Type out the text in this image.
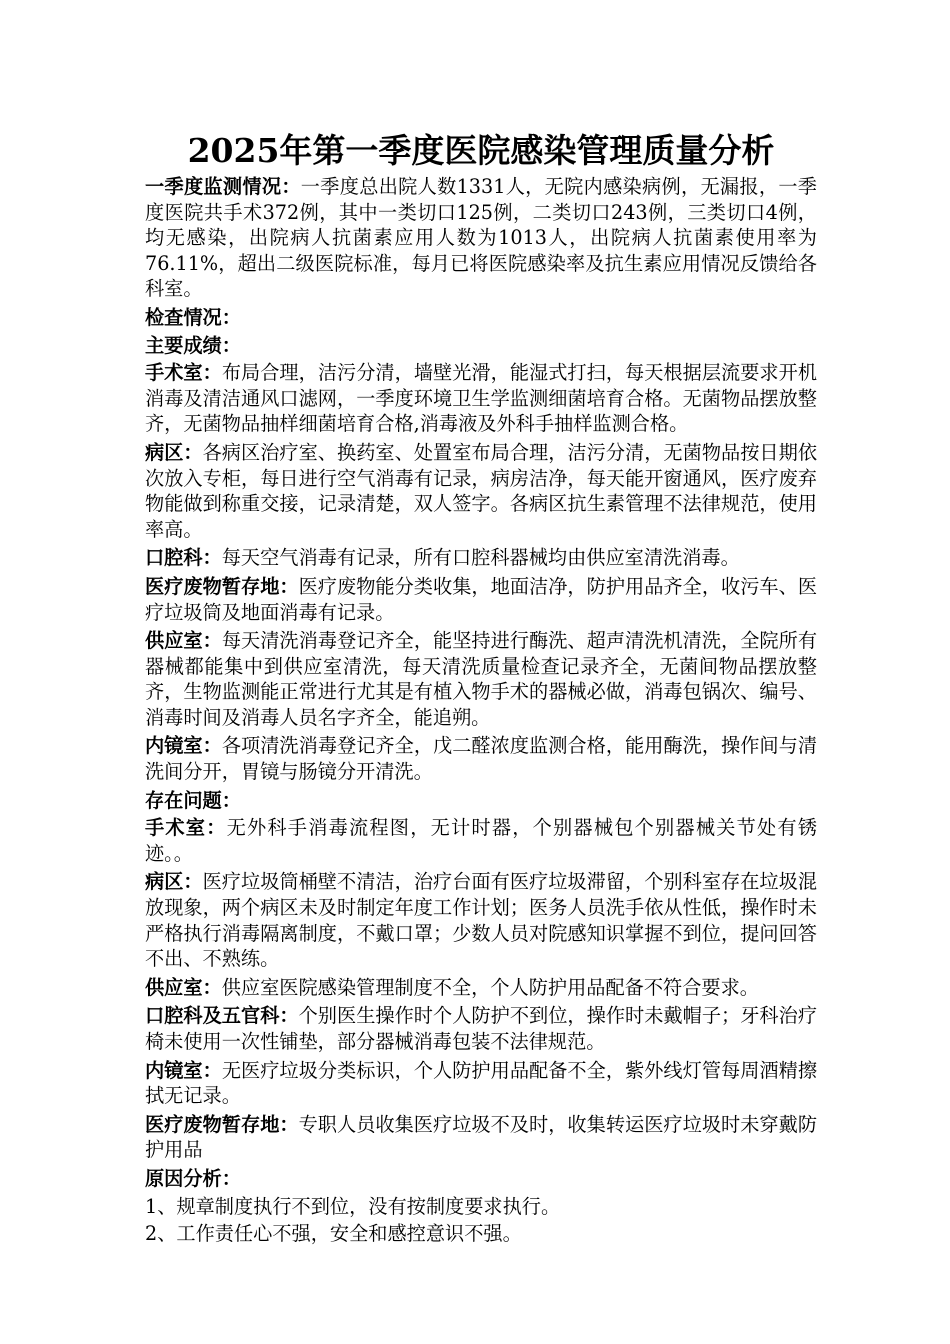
2025年第一季度医院感染管理质量分析

一季度监测情况：一季度总出院人数1331人，无院内感染病例，无漏报，一季度医院共手术372例，其中一类切口125例，二类切口243例，三类切口4例，均无感染，出院病人抗菌素应用人数为1013人，出院病人抗菌素使用率为76.11%，超出二级医院标准，每月已将医院感染率及抗生素应用情况反馈给各科室。

检查情况：

主要成绩：

手术室：布局合理，洁污分清，墙壁光滑，能湿式打扫，每天根据层流要求开机消毒及清洁通风口滤网，一季度环境卫生学监测细菌培育合格。无菌物品摆放整齐，无菌物品抽样细菌培育合格,消毒液及外科手抽样监测合格。

病区：各病区治疗室、换药室、处置室布局合理，洁污分清，无菌物品按日期依次放入专柜，每日进行空气消毒有记录，病房洁净，每天能开窗通风，医疗废弃物能做到称重交接，记录清楚，双人签字。各病区抗生素管理不法律规范，使用率高。

口腔科：每天空气消毒有记录，所有口腔科器械均由供应室清洗消毒。

医疗废物暂存地：医疗废物能分类收集，地面洁净，防护用品齐全，收污车、医疗垃圾筒及地面消毒有记录。

供应室：每天清洗消毒登记齐全，能坚持进行酶洗、超声清洗机清洗，全院所有器械都能集中到供应室清洗，每天清洗质量检查记录齐全，无菌间物品摆放整齐，生物监测能正常进行尤其是有植入物手术的器械必做，消毒包锅次、编号、消毒时间及消毒人员名字齐全，能追朔。

内镜室：各项清洗消毒登记齐全，戊二醛浓度监测合格，能用酶洗，操作间与清洗间分开，胃镜与肠镜分开清洗。

存在问题：

手术室：无外科手消毒流程图，无计时器，个别器械包个别器械关节处有锈迹。。

病区：医疗垃圾筒桶壁不清洁，治疗台面有医疗垃圾滞留，个别科室存在垃圾混放现象，两个病区未及时制定年度工作计划；医务人员洗手依从性低，操作时未严格执行消毒隔离制度，不戴口罩；少数人员对院感知识掌握不到位，提问回答不出、不熟练。

供应室：供应室医院感染管理制度不全，个人防护用品配备不符合要求。

口腔科及五官科：个别医生操作时个人防护不到位，操作时未戴帽子；牙科治疗椅未使用一次性铺垫，部分器械消毒包装不法律规范。

内镜室：无医疗垃圾分类标识，个人防护用品配备不全，紫外线灯管每周酒精擦拭无记录。

医疗废物暂存地：专职人员收集医疗垃圾不及时，收集转运医疗垃圾时未穿戴防护用品

原因分析：

1、规章制度执行不到位，没有按制度要求执行。

2、工作责任心不强，安全和感控意识不强。
